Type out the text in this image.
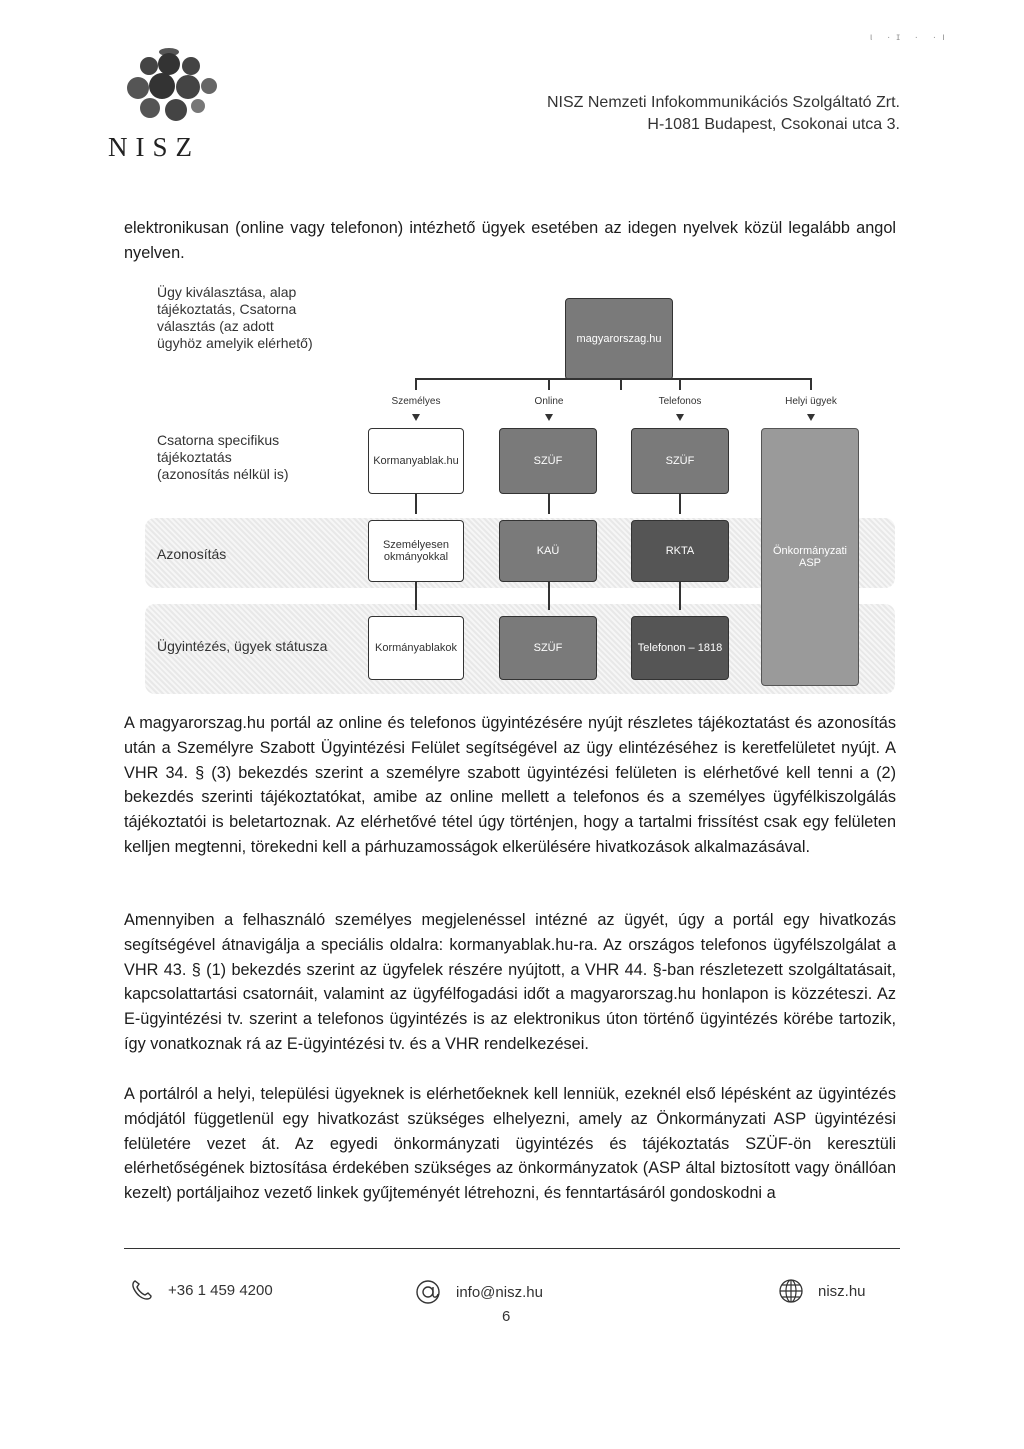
NISZ
ι ·ɪ · ·ı
NISZ Nemzeti Infokommunikációs Szolgáltató Zrt.
H-1081 Budapest, Csokonai utca 3.
elektronikusan (online vagy telefonon) intézhető ügyek esetében az idegen nyelvek közül legalább angol nyelven.
Ügy kiválasztása, alap tájékoztatás, Csatorna választás (az adott ügyhöz amelyik elérhető)
Csatorna specifikus tájékoztatás (azonosítás nélkül is)
Azonosítás
Ügyintézés, ügyek státusza
magyarorszag.hu
Személyes	Online	Telefonos	Helyi ügyek
Kormanyablak.hu	SZÜF	SZÜF
Önkormányzati ASP
Személyesen okmányokkal	KAÜ	RKTA
Kormányablakok	SZÜF	Telefonon – 1818
A magyarorszag.hu portál az online és telefonos ügyintézésére nyújt részletes tájékoztatást és azonosítás után a Személyre Szabott Ügyintézési Felület segítségével az ügy elintézéséhez is keretfelületet nyújt. A VHR 34. § (3) bekezdés szerint a személyre szabott ügyintézési felületen is elérhetővé kell tenni a (2) bekezdés szerinti tájékoztatókat, amibe az online mellett a telefonos és a személyes ügyfélkiszolgálás tájékoztatói is beletartoznak. Az elérhetővé tétel úgy történjen, hogy a tartalmi frissítést csak egy felületen kelljen megtenni, törekedni kell a párhuzamosságok elkerülésére hivatkozások alkalmazásával.
Amennyiben a felhasználó személyes megjelenéssel intézné az ügyét, úgy a portál egy hivatkozás segítségével átnavigálja a speciális oldalra: kormanyablak.hu-ra. Az országos telefonos ügyfélszolgálat a VHR 43. § (1) bekezdés szerint az ügyfelek részére nyújtott, a VHR 44. §-ban részletezett szolgáltatásait, kapcsolattartási csatornáit, valamint az ügyfélfogadási időt a magyarorszag.hu honlapon is közzéteszi. Az E-ügyintézési tv. szerint a telefonos ügyintézés is az elektronikus úton történő ügyintézés körébe tartozik, így vonatkoznak rá az E-ügyintézési tv. és a VHR rendelkezései.
A portálról a helyi, települési ügyeknek is elérhetőeknek kell lenniük, ezeknél első lépésként az ügyintézés módjától függetlenül egy hivatkozást szükséges elhelyezni, amely az Önkormányzati ASP ügyintézési felületére vezet át. Az egyedi önkormányzati ügyintézés és tájékoztatás SZÜF-ön keresztüli elérhetőségének biztosítása érdekében szükséges az önkormányzatok (ASP által biztosított vagy önállóan kezelt) portáljaihoz vezető linkek gyűjteményét létrehozni, és fenntartásáról gondoskodni a
+36 1 459 4200	info@nisz.hu	nisz.hu
6
